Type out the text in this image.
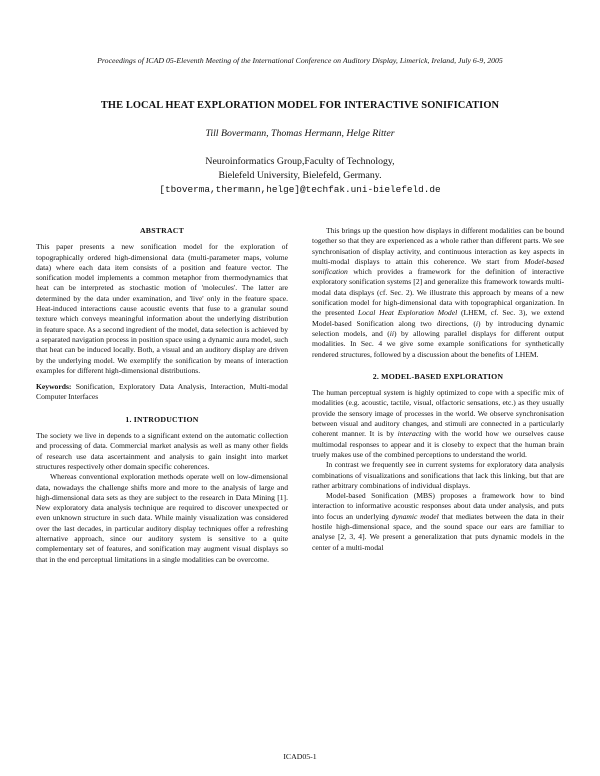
Proceedings of ICAD 05-Eleventh Meeting of the International Conference on Auditory Display, Limerick, Ireland, July 6-9, 2005
THE LOCAL HEAT EXPLORATION MODEL FOR INTERACTIVE SONIFICATION
Till Bovermann, Thomas Hermann, Helge Ritter
Neuroinformatics Group,Faculty of Technology,
Bielefeld University, Bielefeld, Germany.
[tboverma,thermann,helge]@techfak.uni-bielefeld.de
ABSTRACT

This paper presents a new sonification model for the exploration of topographically ordered high-dimensional data (multi-parameter maps, volume data) where each data item consists of a position and feature vector. The sonification model implements a common metaphor from thermodynamics that heat can be interpreted as stochastic motion of 'molecules'. The latter are determined by the data under examination, and 'live' only in the feature space. Heat-induced interactions cause acoustic events that fuse to a granular sound texture which conveys meaningful information about the underlying distribution in feature space. As a second ingredient of the model, data selection is achieved by a separated navigation process in position space using a dynamic aura model, such that heat can be induced locally. Both, a visual and an auditory display are driven by the underlying model. We exemplify the sonification by means of interaction examples for different high-dimensional distributions.

Keywords: Sonification, Exploratory Data Analysis, Interaction, Multi-modal Computer Interfaces

1. INTRODUCTION

The society we live in depends to a significant extend on the automatic collection and processing of data. Commercial market analysis as well as many other fields of research use data ascertainment and analysis to gain insight into market structures respectively other domain specific coherences.

Whereas conventional exploration methods operate well on low-dimensional data, nowadays the challenge shifts more and more to the analysis of large and high-dimensional data sets as they are subject to the research in Data Mining [1]. New exploratory data analysis technique are required to discover unexpected or even unknown structure in such data. While mainly visualization was considered over the last decades, in particular auditory display techniques offer a refreshing alternative approach, since our auditory system is sensitive to a quite complementary set of features, and sonification may augment visual displays so that in the end perceptual limitations in a single modalities can be overcome.

This brings up the question how displays in different modalities can be bound together so that they are experienced as a whole rather than different parts. We see synchronisation of display activity, and continuous interaction as key aspects in multi-modal displays to attain this coherence. We start from Model-based sonification which provides a framework for the definition of interactive exploratory sonification systems [2] and generalize this framework towards multi-modal data displays (cf. Sec. 2). We illustrate this approach by means of a new sonification model for high-dimensional data with topographical organization. In the presented Local Heat Exploration Model (LHEM, cf. Sec. 3), we extend Model-based Sonification along two directions, (i) by introducing dynamic selection models, and (ii) by allowing parallel displays for different output modalities. In Sec. 4 we give some example sonifications for synthetically rendered structures, followed by a discussion about the benefits of LHEM.

2. MODEL-BASED EXPLORATION

The human perceptual system is highly optimized to cope with a specific mix of modalities (e.g. acoustic, tactile, visual, olfactoric sensations, etc.) as they usually provide the sensory image of processes in the world. We observe synchronisation between visual and auditory changes, and stimuli are connected in a particularly coherent manner. It is by interacting with the world how we ourselves cause multimodal responses to appear and it is closeby to expect that the human brain truely makes use of the combined perceptions to understand the world.

In contrast we frequently see in current systems for exploratory data analysis combinations of visualizations and sonifications that lack this linking, but that are rather arbitrary combinations of individual displays.

Model-based Sonification (MBS) proposes a framework how to bind interaction to informative acoustic responses about data under analysis, and puts into focus an underlying dynamic model that mediates between the data in their hostile high-dimensional space, and the sound space our ears are familiar to analyse [2, 3, 4]. We present a generalization that puts dynamic models in the center of a multi-modal

ICAD05-1
